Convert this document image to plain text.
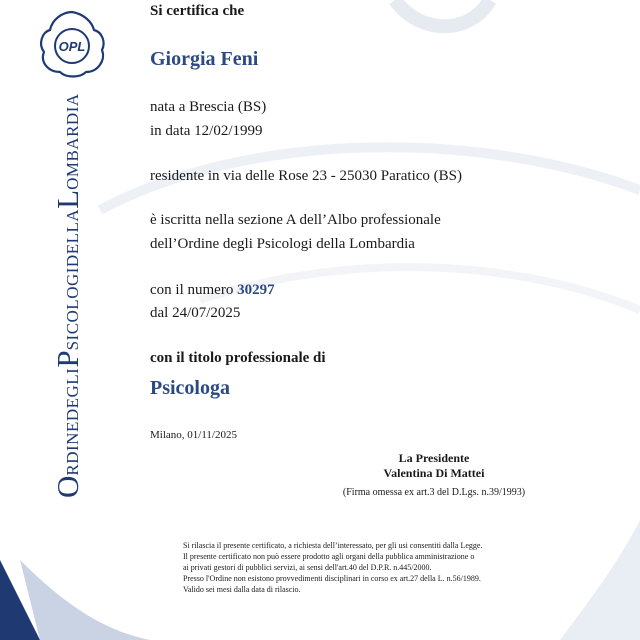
OPL
ORDINEDEGLIPSICOLOGIDELLALOMBARDIA
Si certifica che
Giorgia Feni
nata a Brescia (BS)
in data 12/02/1999
residente in via delle Rose 23 - 25030 Paratico (BS)
è iscritta nella sezione A dell’Albo professionale
dell’Ordine degli Psicologi della Lombardia
con il numero 30297
dal 24/07/2025
con il titolo professionale di
Psicologa
Milano, 01/11/2025
La Presidente
Valentina Di Mattei
(Firma omessa ex art.3 del D.Lgs. n.39/1993)
Si rilascia il presente certificato, a richiesta dell’interessato, per gli usi consentiti dalla Legge.
Il presente certificato non può essere prodotto agli organi della pubblica amministrazione o
ai privati gestori di pubblici servizi, ai sensi dell'art.40 del D.P.R. n.445/2000.
Presso l'Ordine non esistono provvedimenti disciplinari in corso ex art.27 della L. n.56/1989.
Valido sei mesi dalla data di rilascio.
